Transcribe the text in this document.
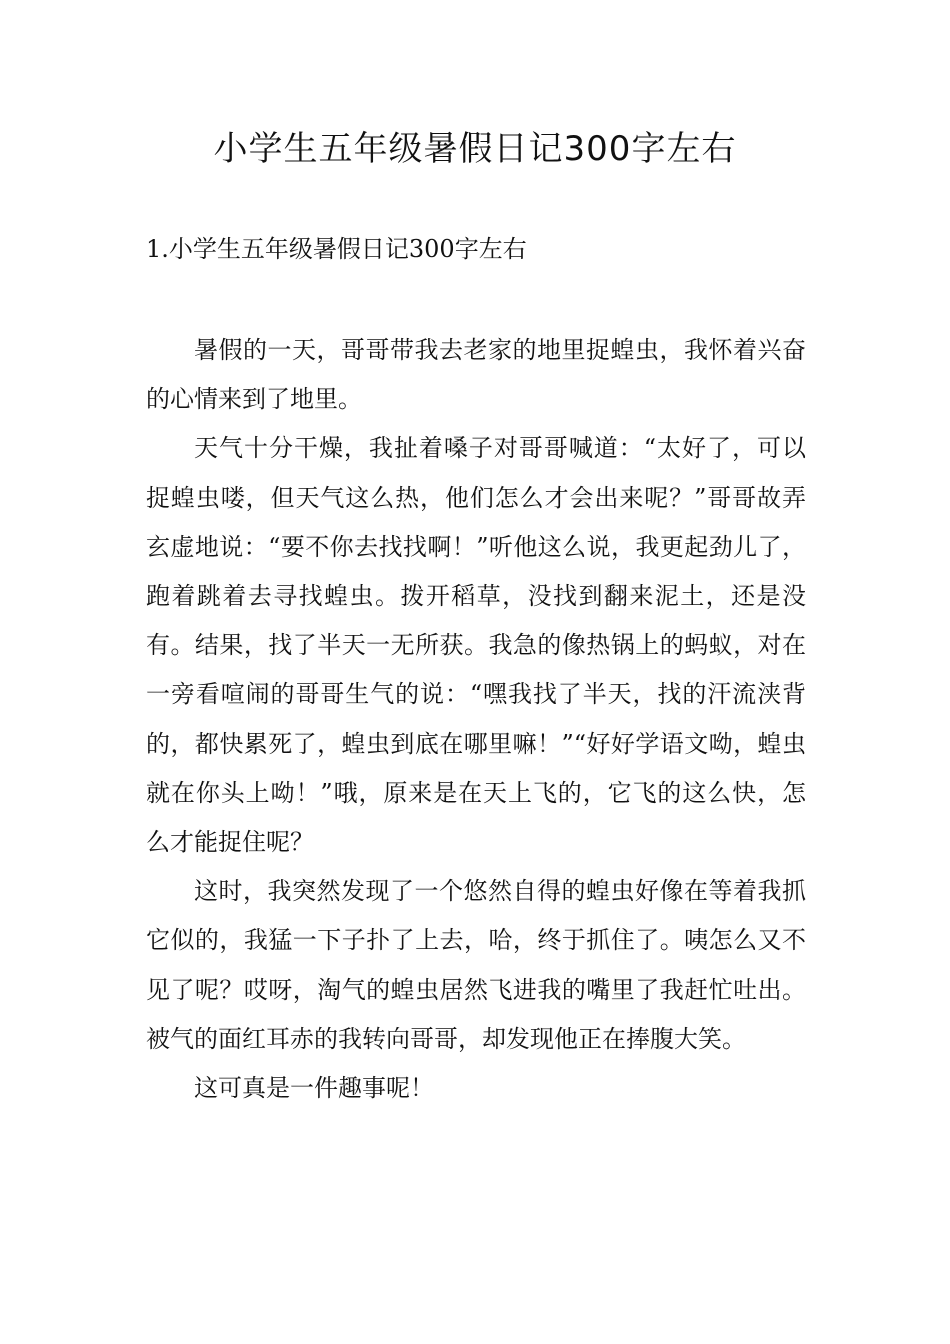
小学生五年级暑假日记300字左右
1.小学生五年级暑假日记300字左右

暑假的一天，哥哥带我去老家的地里捉蝗虫，我怀着兴奋的心情来到了地里。

天气十分干燥，我扯着嗓子对哥哥喊道：“太好了，可以捉蝗虫喽，但天气这么热，他们怎么才会出来呢？”哥哥故弄玄虚地说：“要不你去找找啊！”听他这么说，我更起劲儿了，跑着跳着去寻找蝗虫。拨开稻草，没找到翻来泥土，还是没有。结果，找了半天一无所获。我急的像热锅上的蚂蚁，对在一旁看喧闹的哥哥生气的说：“嘿我找了半天，找的汗流浃背的，都快累死了，蝗虫到底在哪里嘛！”“好好学语文呦，蝗虫就在你头上呦！”哦，原来是在天上飞的，它飞的这么快，怎么才能捉住呢？

这时，我突然发现了一个悠然自得的蝗虫好像在等着我抓它似的，我猛一下子扑了上去，哈，终于抓住了。咦怎么又不见了呢？哎呀，淘气的蝗虫居然飞进我的嘴里了我赶忙吐出。被气的面红耳赤的我转向哥哥，却发现他正在捧腹大笑。

这可真是一件趣事呢！
